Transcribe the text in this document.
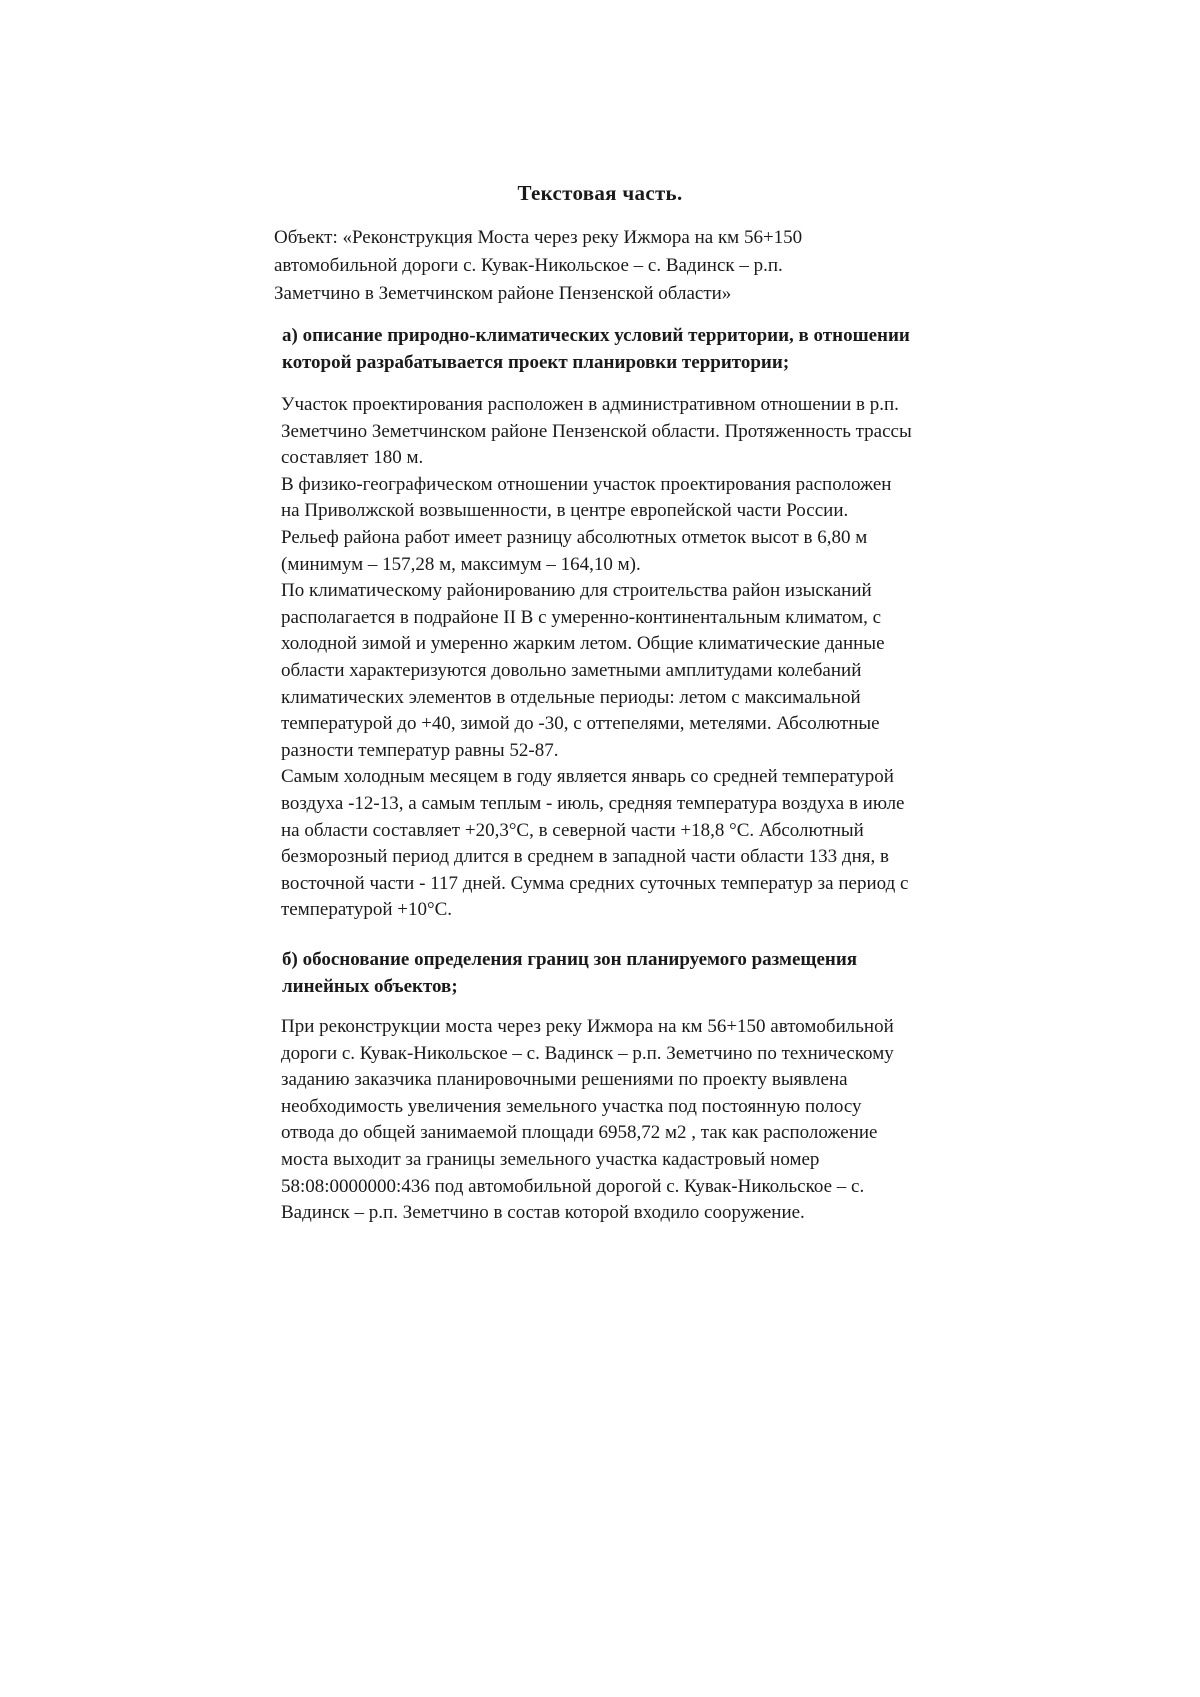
Текстовая часть.

Объект: «Реконструкция Моста через реку Ижмора на км 56+150
автомобильной дороги с. Кувак-Никольское – с. Вадинск – р.п.
Заметчино в Земетчинском районе Пензенской области»

а) описание природно-климатических условий территории, в отношении
которой разрабатывается проект планировки территории;
Участок проектирования расположен в административном отношении в р.п.
Земетчино Земетчинском районе Пензенской области. Протяженность трассы
составляет 180 м.
В физико-географическом отношении участок проектирования расположен
на Приволжской возвышенности, в центре европейской части России.
Рельеф района работ имеет разницу абсолютных отметок высот в 6,80 м
(минимум – 157,28 м, максимум – 164,10 м).
По климатическому районированию для строительства район изысканий
располагается в подрайоне II В с умеренно-континентальным климатом, с
холодной зимой и умеренно жарким летом. Общие климатические данные
области характеризуются довольно заметными амплитудами колебаний
климатических элементов в отдельные периоды: летом с максимальной
температурой до +40, зимой до -30, с оттепелями, метелями. Абсолютные
разности температур равны 52-87.
Самым холодным месяцем в году является январь со средней температурой
воздуха -12-13, а самым теплым - июль, средняя температура воздуха в июле
на области составляет +20,3°С, в северной части +18,8 °С. Абсолютный
безморозный период длится в среднем в западной части области 133 дня, в
восточной части - 117 дней. Сумма средних суточных температур за период с
температурой +10°С.
б) обоснование определения границ зон планируемого размещения
линейных объектов;
При реконструкции моста через реку Ижмора на км 56+150 автомобильной
дороги с. Кувак-Никольское – с. Вадинск – р.п. Земетчино по техническому
заданию заказчика планировочными решениями по проекту выявлена
необходимость увеличения земельного участка под постоянную полосу
отвода до общей занимаемой площади 6958,72 м2 , так как расположение
моста выходит за границы земельного участка кадастровый номер
58:08:0000000:436 под автомобильной дорогой с. Кувак-Никольское – с.
Вадинск – р.п. Земетчино в состав которой входило сооружение.
